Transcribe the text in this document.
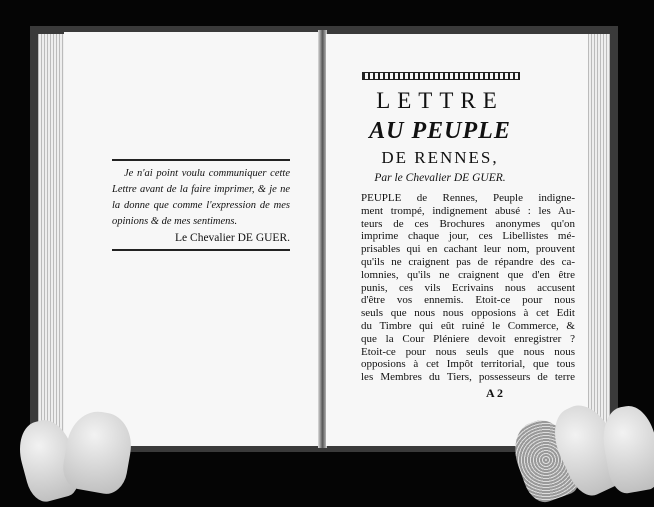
Je n'ai point voulu communiquer cette
Lettre avant de la faire imprimer, & je ne
la donne que comme l'expression de mes
opinions & de mes sentimens.
Le Chevalier DE GUER.
LETTRE
AU PEUPLE
DE RENNES,
Par le Chevalier DE GUER.
PEUPLE de Rennes, Peuple indigne-
ment trompé, indignement abusé : les Au-
teurs de ces Brochures anonymes qu'on
imprime chaque jour, ces Libellistes mé-
prisables qui en cachant leur nom, prouvent
qu'ils ne craignent pas de répandre des ca-
lomnies, qu'ils ne craignent que d'en être
punis, ces vils Ecrivains nous accusent
d'être vos ennemis. Etoit-ce pour nous
seuls que nous nous opposions à cet Edit
du Timbre qui eût ruiné le Commerce, &
que la Cour Pléniere devoit enregistrer ?
Etoit-ce pour nous seuls que nous nous
opposions à cet Impôt territorial, que tous
les Membres du Tiers, possesseurs de terre
A 2
